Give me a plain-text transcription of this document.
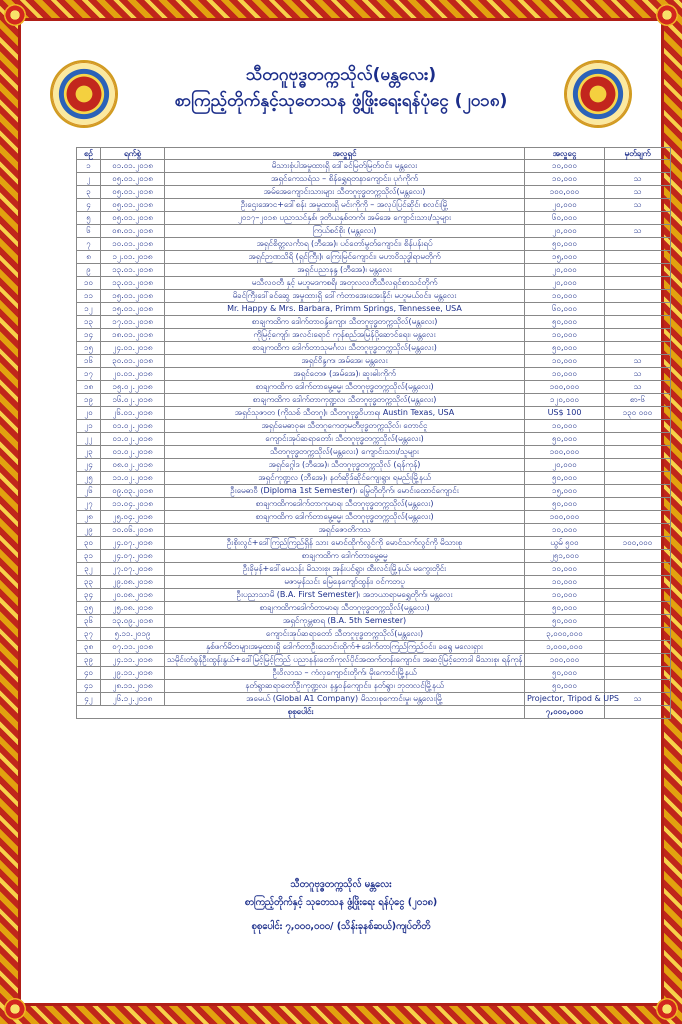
သီတဂူဗုဒ္ဓတက္ကသိုလ်(မန္တလေး)
စာကြည့်တိုက်နှင့်သုတေသန ဖွံ့ဖြိုးရေးရန်ပုံငွေ (၂၀၁၈)
စဉ်	ရက်စွဲ	အလှူရှင်	အလှူငွေ	မှတ်ချက်
၁	၀၁.၀၁.၂၀၁၈	မိသားစုံပါအမှုထားရှိ ဒေါ်ခင်မြတ်မြတ်ဝင်း၊ မန္တလေး	၁၀,၀၀၀	
၂	၀၅.၀၁.၂၀၁၈	အရှင်ကေသရံသ – စိန်ရွှေရတနာကျောင်း၊ ပုဂံကိုက်	၁၀,၀၀၀	သ
၃	၀၅.၀၁.၂၀၁၈	အမ်အေကျောင်းသားများ သီတဂူဗုဒ္ဓတက္ကသိုလ်(မန္တလေး)	၁၀၀,၀၀၀	သ
၄	၀၅.၀၁.၂၀၁၈	ဦးဌေးအောင+ဒေါ်စန်း အမှုထားရှိ မင်းကိုကို – အလုပ်ပြင်ဆိုင်၊ စလင်းမြို့	၂၀,၀၀၀	သ
၅	၀၅.၀၁.၂၀၁၈	၂၀၁၇–၂၀၁၈ ပညာသင်နှစ်၊ ဒုတိယနှစ်တက်၊ အမ်အေ ကျောင်းသား/သူများ	၆၀,၀၀၀	
၆	၀၈.၀၁.၂၀၁၈	ကြယ်စင်စိုး (မန္တလေး)	၂၀,၀၀၀	သ
၇	၁၀.၀၁.၂၀၁၈	အရှင်စိတ္တလင်္ကာရ (ဘီအေ)၊ ပင်တော်မွတ်ကျောင်း၊ စိန်ပန်းရပ်	၅၀,၀၀၀	
၈	၁၂.၀၁.၂၀၁၈	အရှင်ဉာဏသိရိ (ရှင်ကြီး)၊ ကြေးမြင်ကျောင်း၊ မဟာဝိသုဒ္ဓါရာမတိုက်	၁၅,၀၀၀	
၉	၁၃.၀၁.၂၀၁၈	အရှင်ပညာနန္ဒ (ဘီအေ)၊ မန္တလေး	၂၀,၀၀၀	
၁၀	၁၃.၀၁.၂၀၁၈	မသီလဝတီ နှင့် မဟူမဒကစရိ၊ အတုလလတီသီလရှင်စာသင်တိုက်	၂၀,၀၀၀	
၁၁	၁၅.၀၁.၂၀၁၈	မိခင်ကြီးဒေါ်ခင်ဆွေ အမှုထားရှိ ဒေါ်ကံတာအေးအေးနိုင်၊ မဟူမယ်ဝင်း၊ မန္တလေး	၁၀,၀၀၀	
၁၂	၁၅.၀၁.၂၀၁၈	Mr. Happy & Mrs. Barbara, Primm Springs, Tennessee, USA	၆၀,၀၀၀	
၁၃	၁၇.၀၁.၂၀၁၈	စာချကထိက ဒေါက်တာဝန္ဒ်ကျော၊ သီတဂူဗုဒ္ဓတက္ကသိုလ်(မန္တလေး)	၅၀,၀၀၀	
၁၄	၁၈.၀၁.၂၀၁၈	ကိုမြင့်ကျော်၊ အလင်းရောင် ကုန်စည်အမြန်ပို့ဆောင်ရေး၊ မန္တလေး	၁၀,၀၀၀	
၁၅	၂၄.၀၁.၂၀၁၈	စာချကထိက ဒေါက်တာသုမင်္ဂလ၊ သီတဂူဗုဒ္ဓတက္ကသိုလ်(မန္တလေး)	၅၀,၀၀၀	
၁၆	၃၀.၀၁.၂၀၁၈	အရှင်ဝိန္ဒက၊ အမ်အေ၊ မန္တလေး	၁၀,၀၀၀	သ
၁၇	၂၀.၀၁.၂၀၁၈	အရှင်တေဇ (အမ်အေ)၊ ဆူးဓါးကိုက်	၁၀,၀၀၀	သ
၁၈	၁၅.၀၂.၂၀၁၈	စာချကထိက ဒေါက်တာမွေ့ဓမ္မ၊ သီတဂူဗုဒ္ဓတက္ကသိုလ်(မန္တလေး)	၁၀၀,၀၀၀	သ
၁၉	၁၆.၀၂.၂၀၁၈	စာချကထိက ဒေါက်တာကုဏ္ဍလ၊ သီတဂူဗုဒ္ဓတက္ကသိုလ်(မန္တလေး)	၁၂၀,၀၀၀	စာ-၆
၂၀	၂၆.၀၁.၂၀၁၈	အရှင်သုဇာတ (ကိုသစ် သီတဂူ)၊ သီတဂူဗုဒ္ဓဝိဟာရ၊ Austin Texas, USA	US$ 100	၁၃၀ ၀၀၀
၂၁	၀၁.၀၂.၂၀၁၈	အရှင်မေဓာဝုဓ၊ သီတဂူကေတုမတီဗုဒ္ဓတက္ကသိုလ်၊ တောင်ငူ	၁၀,၀၀၀	
၂၂	၀၁.၀၂.၂၀၁၈	ကျောင်းအုပ်ဆရာတော်၊ သီတဂူဗုဒ္ဓတက္ကသိုလ်(မန္တလေး)	၅၀,၀၀၀	
၂၃	၀၁.၀၂.၂၀၁၈	သီတဂူဗုဒ္ဓတက္ကသိုလ်(မန္တလေး) ကျောင်းသား/သူများ	၁၀၀,၀၀၀	
၂၄	၀၈.၀၂.၂၀၁၈	အရှင်ဂ္ဂေါဒ (ဘီအေ)၊ သီတဂူဗုဒ္ဓတက္ကသိုလ် (ရန်ကုန်)	၂၀,၀၀၀	
၂၅	၁၁.၀၂.၂၀၁၈	အရှင်ကုဏ္ဍလ (ဘီအေ)၊ နတ်ဆိုဒ်ဆိုင်ကျေးရွာ၊ ရမည်းမြို့နယ်	၅၀,၀၀၀	
၂၆	၀၉.၀၃.၂၀၁၈	ဦးမေဓာဝီ (Diploma 1st Semester)၊ မြွေတိုတိုက်၊ မောင်းထောင်ကျောင်း	၁၅,၀၀၀	
၂၇	၁၁.၀၄.၂၀၁၈	စာချကထိကဒေါက်တာကုမာရ၊ သီတဂူဗုဒ္ဓတက္ကသိုလ်(မန္တလေး)	၅၀,၀၀၀	
၂၈	၂၅.၀၄.၂၀၁၈	စာချကထိက ဒေါက်တာမွေ့ဓမ္မ၊ သီတဂူဗုဒ္ဓတက္ကသိုလ်(မန္တလေး)	၁၀၀,၀၀၀	
၂၉	၁၀.၀၆.၂၀၁၈	အရှင်ဇောတိကသ	၁၀,၀၀၀	
၃၀	၂၄.၀၇.၂၀၁၈	ဦးစိုးလွင်+ဒေါ်ကြည်ကြည်ရှိန် သား မောင်ထိုက်လွင်ကို မောင်သက်လွင်ကို မိသားစု	ယွမ် ၅၀၀	၁၀၀,၀၀၀
၃၁	၂၄.၀၇.၂၀၁၈	စာချကထိက ဒေါက်တာမွေ့ဓမ္မ	၂၅၁,၀၀၀	
၃၂	၂၇.၀၇.၂၀၁၈	ဦးခိုမှန်+ဒေါ်မေသန်း မိသားစု၊ အုန်းပင်ရွာ၊ ထီးလင်းမြို့နယ်၊ မကွေးတိုင်း	၁၀,၀၀၀	
၃၃	၂၉.၀၈.၂၀၁၈	မဇာမှန်သင်း မြေနေကျော်ထွန်း၊ ဝင်ကဘပူ	၁၀,၀၀၀	
၃၄	၂၀.၀၈.၂၀၁၈	ဦးပညာသာမိ (B.A. First Semester)၊ အဘယာရာမရွှေတိုက်၊ မန္တလေး	၁၀,၀၀၀	
၃၅	၂၅.၀၈.၂၀၁၈	စာချကထိကဒေါက်တာမာရ၊ သီတဂူဗုဒ္ဓတက္ကသိုလ်(မန္တလေး)	၅၀,၀၀၀	
၃၆	၁၃.၀၉.၂၀၁၈	အရှင်ကုမ္ဘစာရ (B.A. 5th Semester)	၅၀,၀၀၀	
၃၇	၅.၁၁.၂၀၁၉	ကျောင်းအုပ်ဆရာတော် သီတဂူဗုဒ္ဓတက္ကသိုလ်(မန္တလေး)	၃,၀၀၀,၀၀၀	
၃၈	၀၇.၁၁.၂၀၁၈	နှစ်ဖက်မိဘများအမှုထားရှိ ဒေါက်တာဦးသောင်းထိုက်+ဒေါက်တာကြည်ကြည်ဝင်း၊ ခရွေ မလေးရှား	၁,၀၀၀,၀၀၀	
၃၉	၂၄.၁၁.၂၀၁၈	သမိုင်းတံခွန်ဦးထွန်းနွယ်+ဒေါ်မြင့်မြင့်ကြည် ပညာနန်းတော်ကုလ်ပိုင်အထက်တန်းကျောင်း၊ အဆင့်မြင့်ဘောဒါ မိသားစု၊ ရန်ကုန်	၁၀၀,၀၀၀	
၄၀	၂၉.၁၁.၂၀၁၈	ဦးဝိလာသ – ကံလှကျောင်းတိုက်၊ မိုးကောင်းမြို့နယ်	၅၀,၀၀၀	
၄၁	၂၈.၁၁.၂၀၁၈	နတ်ရွာဆရာတော်ဦးကုဏ္ဍလ၊ နန္ဒဝန်ကျောင်း၊ နတ်ရွာ၊ ဘုတလင်မြို့နယ်	၅၀,၀၀၀	
၄၂	၂၆.၁၂.၂၀၁၈	အမေယ် (Global A1 Company) မိသားစုကောင်းမှု၊ မန္တလေးမြို့	Projector, Tripod & UPS	သ
စုစုပေါင်း			၇,၀၀၀,၀၀၀	
သီတဂူဗုဒ္ဓတက္ကသိုလ် မန္တလေး
စာကြည့်တိုက်နှင့် သုတေသန ဖွံ့ဖြိုးရေး ရန်ပုံငွေ (၂၀၁၈)
စုစုပေါင်း ၇,၀၀၀,၀၀၀/ (သိန်းခုနစ်ဆယ်)ကျပ်တိတိ
